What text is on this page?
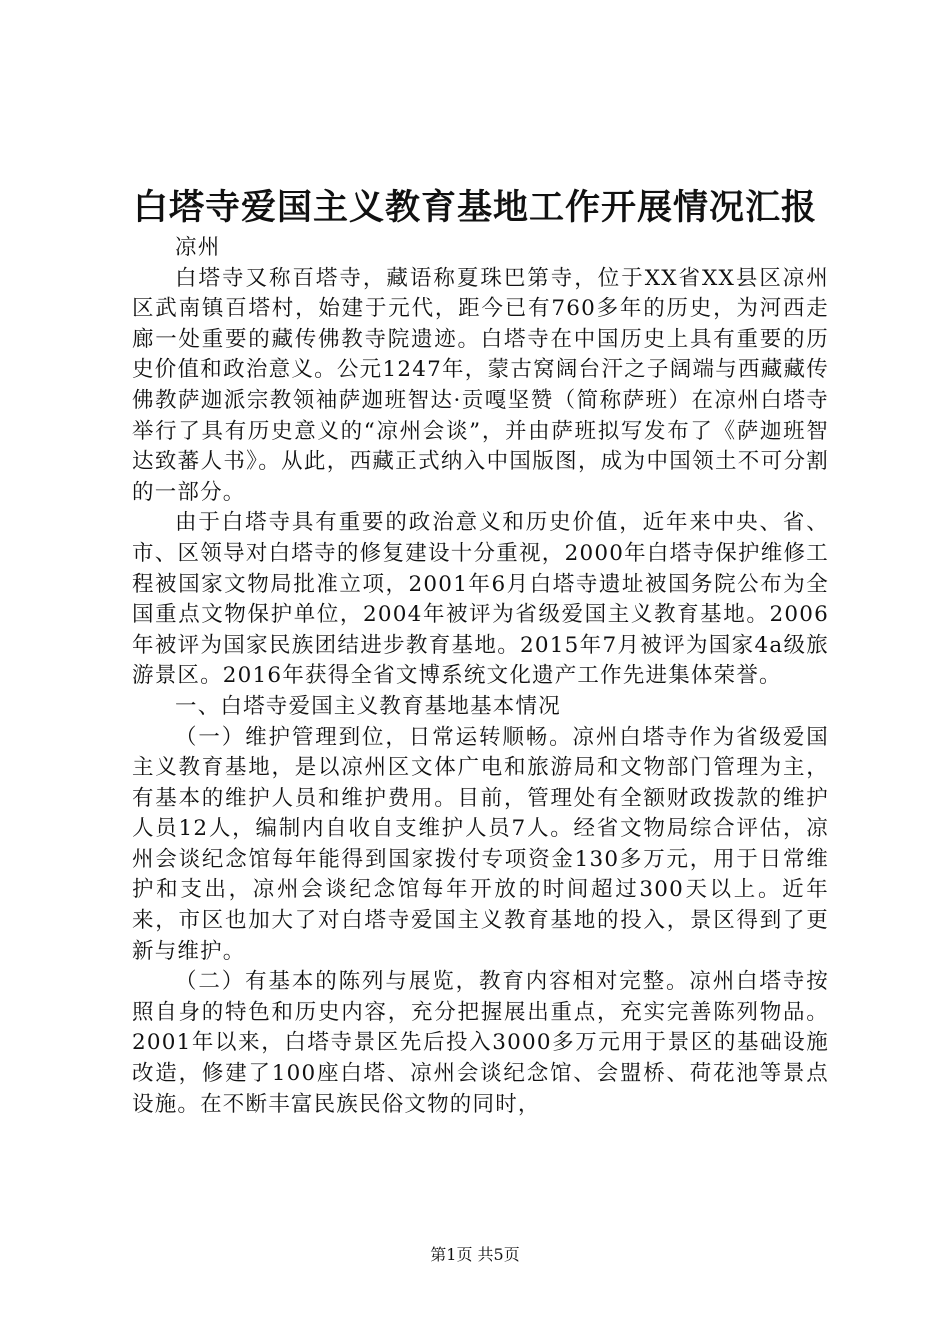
白塔寺爱国主义教育基地工作开展情况汇报

凉州

白塔寺又称百塔寺，藏语称夏珠巴第寺，位于XX省XX县区凉州区武南镇百塔村，始建于元代，距今已有760多年的历史，为河西走廊一处重要的藏传佛教寺院遗迹。白塔寺在中国历史上具有重要的历史价值和政治意义。公元1247年，蒙古窝阔台汗之子阔端与西藏藏传佛教萨迦派宗教领袖萨迦班智达·贡嘎坚赞（简称萨班）在凉州白塔寺举行了具有历史意义的“凉州会谈”，并由萨班拟写发布了《萨迦班智达致蕃人书》。从此，西藏正式纳入中国版图，成为中国领土不可分割的一部分。

由于白塔寺具有重要的政治意义和历史价值，近年来中央、省、市、区领导对白塔寺的修复建设十分重视，2000年白塔寺保护维修工程被国家文物局批准立项，2001年6月白塔寺遗址被国务院公布为全国重点文物保护单位，2004年被评为省级爱国主义教育基地。2006年被评为国家民族团结进步教育基地。2015年7月被评为国家4a级旅游景区。2016年获得全省文博系统文化遗产工作先进集体荣誉。

一、白塔寺爱国主义教育基地基本情况

（一）维护管理到位，日常运转顺畅。凉州白塔寺作为省级爱国主义教育基地，是以凉州区文体广电和旅游局和文物部门管理为主，有基本的维护人员和维护费用。目前，管理处有全额财政拨款的维护人员12人，编制内自收自支维护人员7人。经省文物局综合评估，凉州会谈纪念馆每年能得到国家拨付专项资金130多万元，用于日常维护和支出，凉州会谈纪念馆每年开放的时间超过300天以上。近年来，市区也加大了对白塔寺爱国主义教育基地的投入，景区得到了更新与维护。

（二）有基本的陈列与展览，教育内容相对完整。凉州白塔寺按照自身的特色和历史内容，充分把握展出重点，充实完善陈列物品。2001年以来，白塔寺景区先后投入3000多万元用于景区的基础设施改造，修建了100座白塔、凉州会谈纪念馆、会盟桥、荷花池等景点设施。在不断丰富民族民俗文物的同时，

第1页 共5页
